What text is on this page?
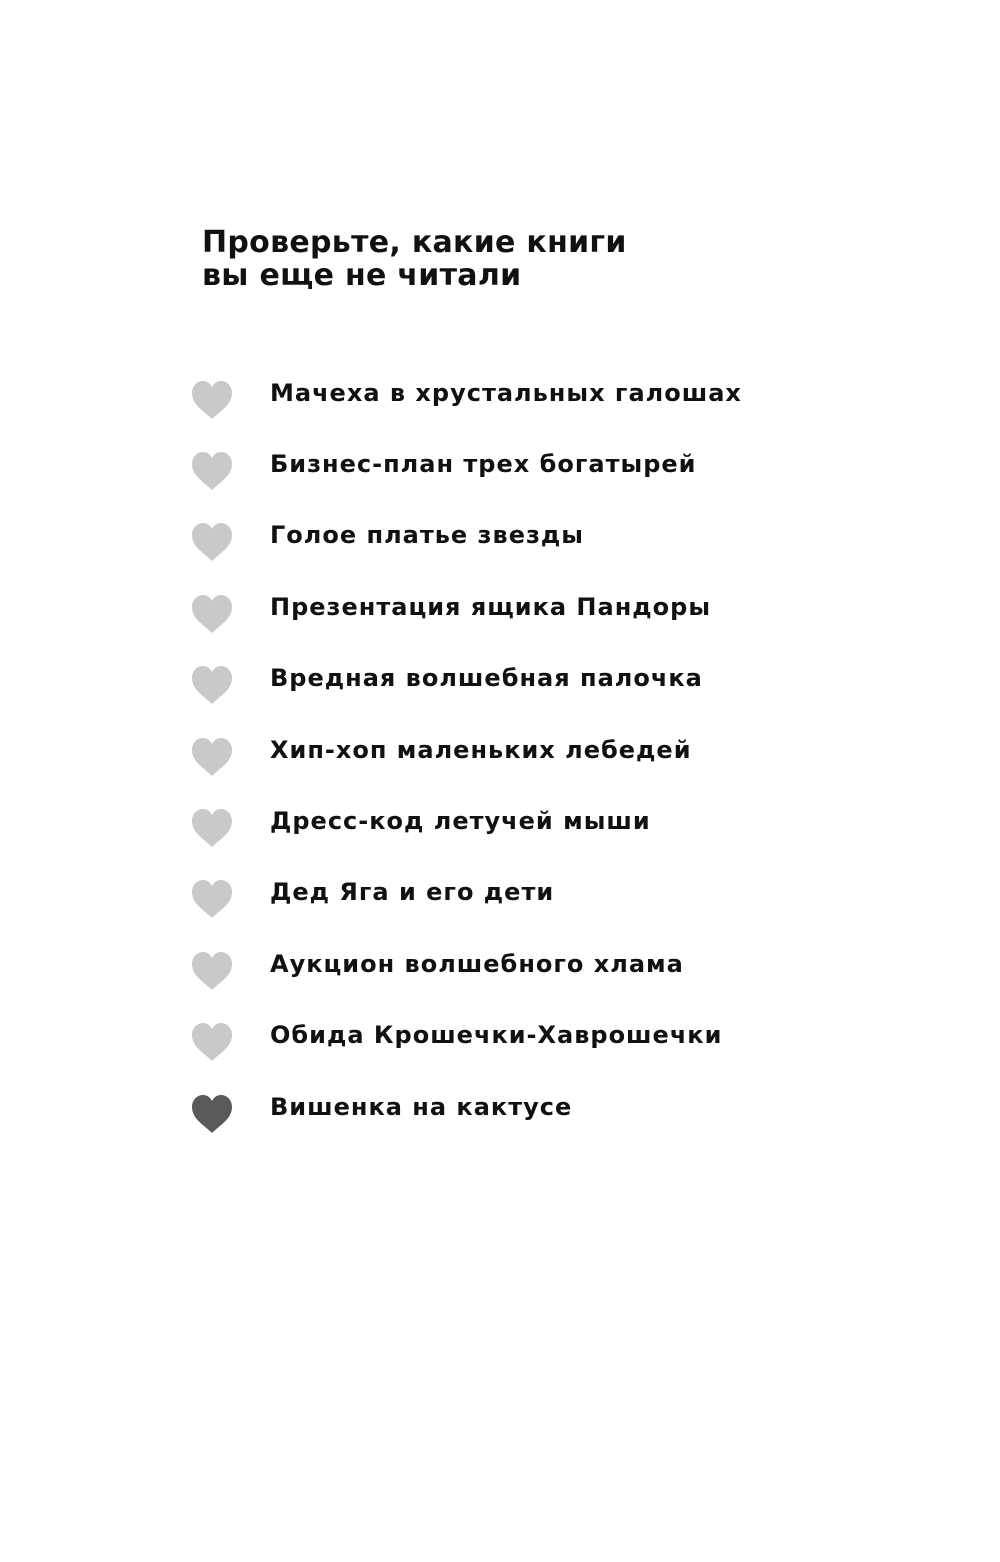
Проверьте, какие книги
вы еще не читали
Мачеха в хрустальных галошах
Бизнес-план трех богатырей
Голое платье звезды
Презентация ящика Пандоры
Вредная волшебная палочка
Хип-хоп маленьких лебедей
Дресс-код летучей мыши
Дед Яга и его дети
Аукцион волшебного хлама
Обида Крошечки-Хаврошечки
Вишенка на кактусе
